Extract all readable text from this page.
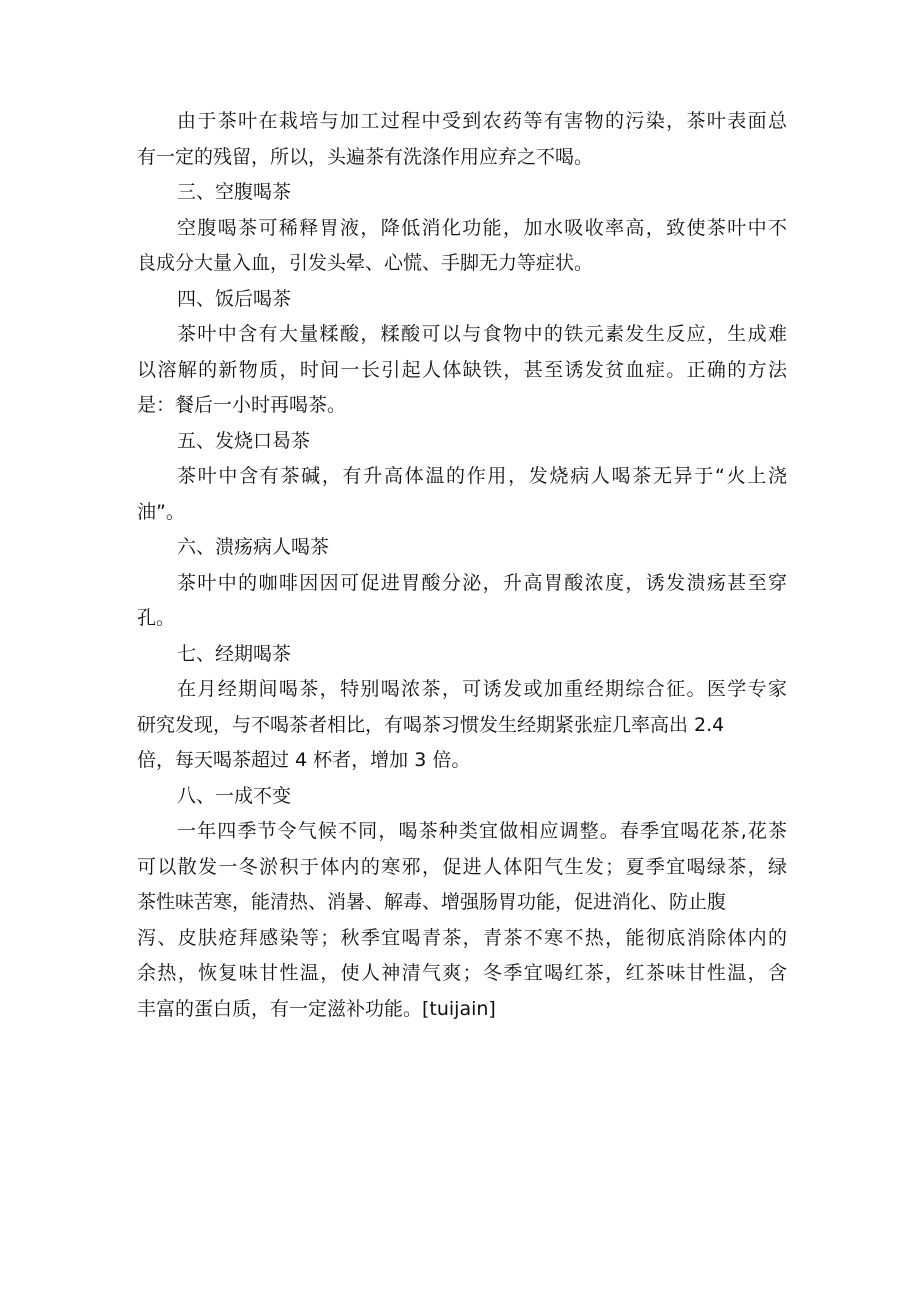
由于茶叶在栽培与加工过程中受到农药等有害物的污染，茶叶表面总
有一定的残留，所以，头遍茶有洗涤作用应弃之不喝。
三、空腹喝茶
空腹喝茶可稀释胃液，降低消化功能，加水吸收率高，致使茶叶中不
良成分大量入血，引发头晕、心慌、手脚无力等症状。
四、饭后喝茶
茶叶中含有大量糅酸，糅酸可以与食物中的铁元素发生反应，生成难
以溶解的新物质，时间一长引起人体缺铁，甚至诱发贫血症。正确的方法
是：餐后一小时再喝茶。
五、发烧口曷茶
茶叶中含有茶碱，有升高体温的作用，发烧病人喝茶无异于“火上浇
油”。
六、溃疡病人喝茶
茶叶中的咖啡因因可促进胃酸分泌，升高胃酸浓度，诱发溃疡甚至穿
孔。
七、经期喝茶
在月经期间喝茶，特别喝浓茶，可诱发或加重经期综合征。医学专家
研究发现，与不喝茶者相比，有喝茶习惯发生经期紧张症几率高出 2.4
倍，每天喝茶超过 4 杯者，增加 3 倍。
八、一成不变
一年四季节令气候不同，喝茶种类宜做相应调整。春季宜喝花茶,花茶
可以散发一冬淤积于体内的寒邪，促进人体阳气生发；夏季宜喝绿茶，绿
茶性味苦寒，能清热、消暑、解毒、增强肠胃功能，促进消化、防止腹
泻、皮肤疮拜感染等；秋季宜喝青茶，青茶不寒不热，能彻底消除体内的
余热，恢复味甘性温，使人神清气爽；冬季宜喝红茶，红茶味甘性温，含
丰富的蛋白质，有一定滋补功能。[tuijain]
